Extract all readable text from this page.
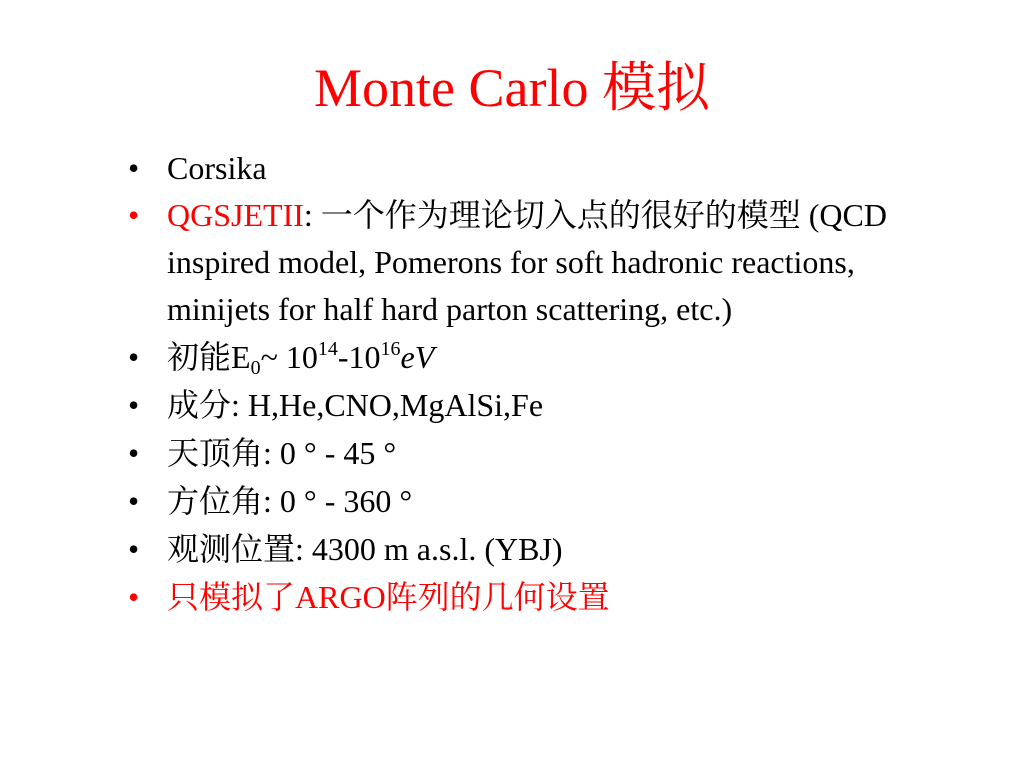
Monte Carlo 模拟
• Corsika
• QGSJETII: 一个作为理论切入点的很好的模型 (QCD inspired model, Pomerons for soft hadronic reactions, minijets for half hard parton scattering, etc.)
• 初能$E_0\sim$ $10^{14}-10^{16}eV$
• 成分: H,He,CNO,MgAlSi,Fe
• 天顶角: 0 ° - 45 °
• 方位角: 0 ° - 360 °
• 观测位置: 4300 m a.s.l. (YBJ)
• 只模拟了ARGO阵列的几何设置
